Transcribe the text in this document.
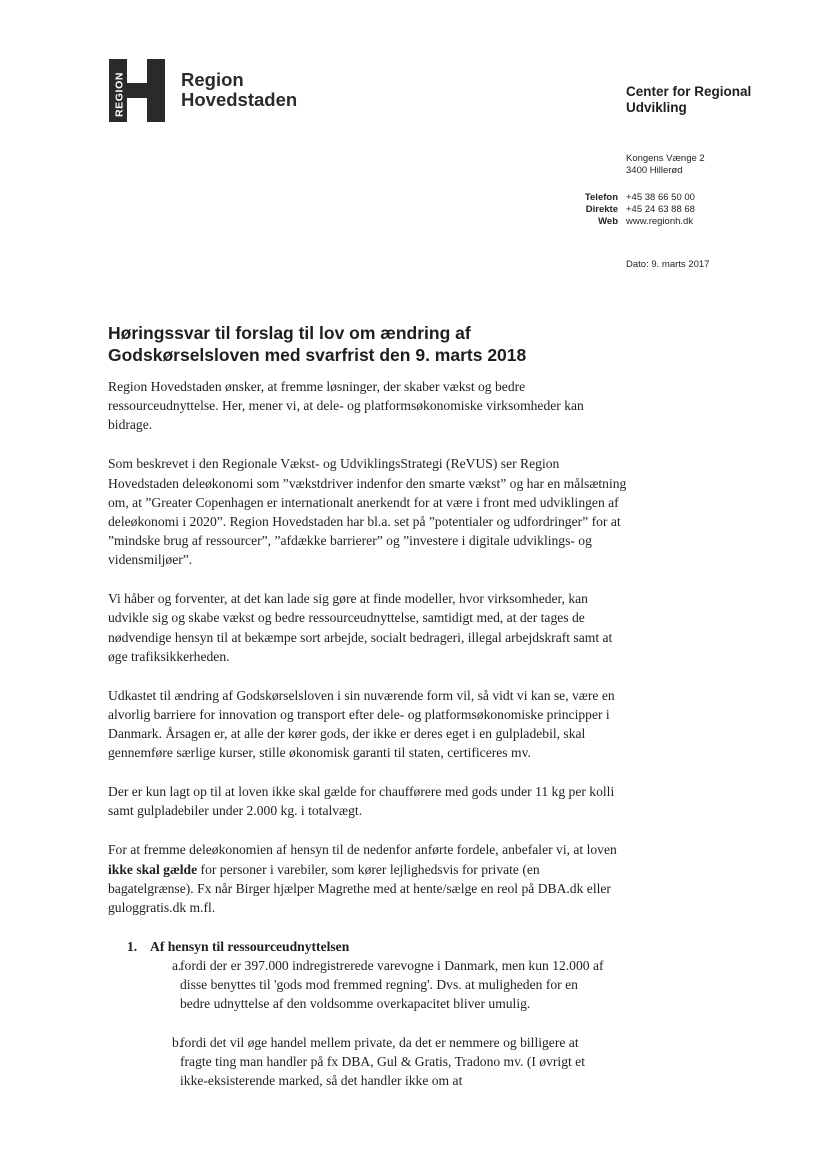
REGION	Region
Hovedstaden	Center for Regional
Udvikling
Kongens Vænge 2
3400 Hillerød
Telefon +45 38 66 50 00
Direkte +45 24 63 88 68
Web www.regionh.dk
Dato: 9. marts 2017
Høringssvar til forslag til lov om ændring af
Godskørselsloven med svarfrist den 9. marts 2018

Region Hovedstaden ønsker, at fremme løsninger, der skaber vækst og bedre ressourceudnyttelse. Her, mener vi, at dele- og platformsøkonomiske virksomheder kan bidrage.

Som beskrevet i den Regionale Vækst- og UdviklingsStrategi (ReVUS) ser Region Hovedstaden deleøkonomi som ”vækstdriver indenfor den smarte vækst” og har en målsætning om, at ”Greater Copenhagen er internationalt anerkendt for at være i front med udviklingen af deleøkonomi i 2020”. Region Hovedstaden har bl.a. set på ”potentialer og udfordringer” for at ”mindske brug af ressourcer”, ”afdække barrierer” og ”investere i digitale udviklings- og vidensmiljøer”.

Vi håber og forventer, at det kan lade sig gøre at finde modeller, hvor virksomheder, kan udvikle sig og skabe vækst og bedre ressourceudnyttelse, samtidigt med, at der tages de nødvendige hensyn til at bekæmpe sort arbejde, socialt bedrageri, illegal arbejdskraft samt at øge trafiksikkerheden.

Udkastet til ændring af Godskørselsloven i sin nuværende form vil, så vidt vi kan se, være en alvorlig barriere for innovation og transport efter dele- og platformsøkonomiske principper i Danmark. Årsagen er, at alle der kører gods, der ikke er deres eget i en gulpladebil, skal gennemføre særlige kurser, stille økonomisk garanti til staten, certificeres mv.

Der er kun lagt op til at loven ikke skal gælde for chaufførere med gods under 11 kg per kolli samt gulpladebiler under 2.000 kg. i totalvægt.

For at fremme deleøkonomien af hensyn til de nedenfor anførte fordele, anbefaler vi, at loven ikke skal gælde for personer i varebiler, som kører lejlighedsvis for private (en bagatelgrænse). Fx når Birger hjælper Magrethe med at hente/sælge en reol på DBA.dk eller guloggratis.dk m.fl.

1. Af hensyn til ressourceudnyttelsen
a.
fordi der er 397.000 indregistrerede varevogne i Danmark, men kun 12.000 af disse benyttes til 'gods mod fremmed regning'. Dvs. at muligheden for en bedre udnyttelse af den voldsomme overkapacitet bliver umulig.
b.
fordi det vil øge handel mellem private, da det er nemmere og billigere at fragte ting man handler på fx DBA, Gul & Gratis, Tradono mv. (I øvrigt et ikke-eksisterende marked, så det handler ikke om at
